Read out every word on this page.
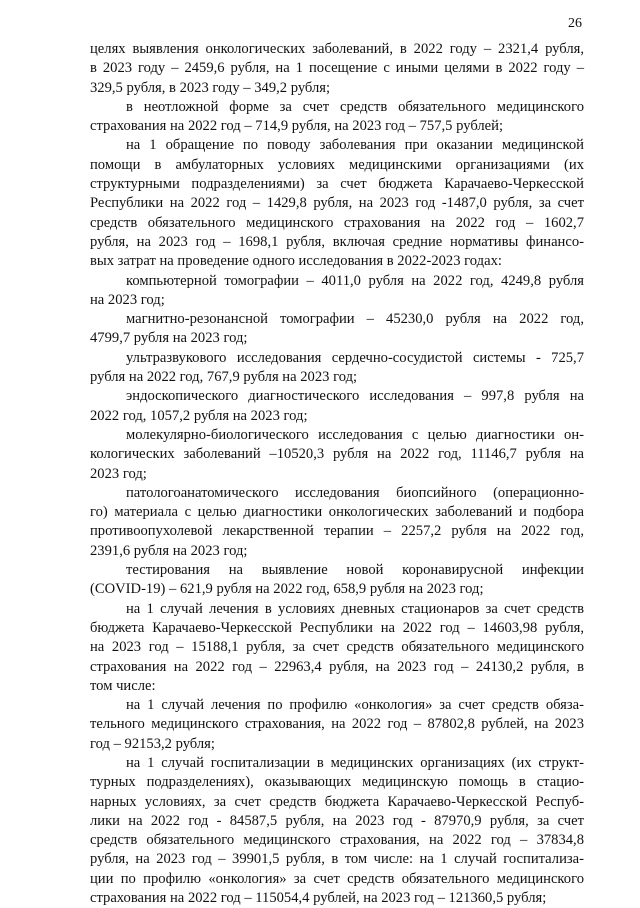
26
целях выявления онкологических заболеваний, в 2022 году – 2321,4 рубля,
в 2023 году – 2459,6 рубля, на 1 посещение с иными целями в 2022 году –
329,5 рубля, в 2023 году – 349,2 рубля;
в неотложной форме за счет средств обязательного медицинского
страхования на 2022 год – 714,9 рубля, на 2023 год – 757,5 рублей;
на 1 обращение по поводу заболевания при оказании медицинской
помощи в амбулаторных условиях медицинскими организациями (их
структурными подразделениями) за счет бюджета Карачаево-Черкесской
Республики на 2022 год – 1429,8 рубля, на 2023 год -1487,0 рубля, за счет
средств обязательного медицинского страхования на 2022 год – 1602,7
рубля, на 2023 год – 1698,1 рубля, включая средние нормативы финансо-
вых затрат на проведение одного исследования в 2022-2023 годах:
компьютерной томографии – 4011,0 рубля на 2022 год, 4249,8 рубля
на 2023 год;
магнитно-резонансной томографии – 45230,0 рубля на 2022 год,
4799,7 рубля на 2023 год;
ультразвукового исследования сердечно-сосудистой системы - 725,7
рубля на 2022 год, 767,9 рубля на 2023 год;
эндоскопического диагностического исследования – 997,8 рубля на
2022 год, 1057,2 рубля на 2023 год;
молекулярно-биологического исследования с целью диагностики он-
кологических заболеваний –10520,3 рубля на 2022 год, 11146,7 рубля на
2023 год;
патологоанатомического исследования биопсийного (операционно-
го) материала с целью диагностики онкологических заболеваний и подбора
противоопухолевой лекарственной терапии – 2257,2 рубля на 2022 год,
2391,6 рубля на 2023 год;
тестирования на выявление новой коронавирусной инфекции
(COVID-19) – 621,9 рубля на 2022 год, 658,9 рубля на 2023 год;
на 1 случай лечения в условиях дневных стационаров за счет средств
бюджета Карачаево-Черкесской Республики на 2022 год – 14603,98 рубля,
на 2023 год – 15188,1 рубля, за счет средств обязательного медицинского
страхования на 2022 год – 22963,4 рубля, на 2023 год – 24130,2 рубля, в
том числе:
на 1 случай лечения по профилю «онкология» за счет средств обяза-
тельного медицинского страхования, на 2022 год – 87802,8 рублей, на 2023
год – 92153,2 рубля;
на 1 случай госпитализации в медицинских организациях (их структ-
турных подразделениях), оказывающих медицинскую помощь в стацио-
нарных условиях, за счет средств бюджета Карачаево-Черкесской Респуб-
лики на 2022 год - 84587,5 рубля, на 2023 год - 87970,9 рубля, за счет
средств обязательного медицинского страхования, на 2022 год – 37834,8
рубля, на 2023 год – 39901,5 рубля, в том числе: на 1 случай госпитализа-
ции по профилю «онкология» за счет средств обязательного медицинского
страхования на 2022 год – 115054,4 рублей, на 2023 год – 121360,5 рубля;
